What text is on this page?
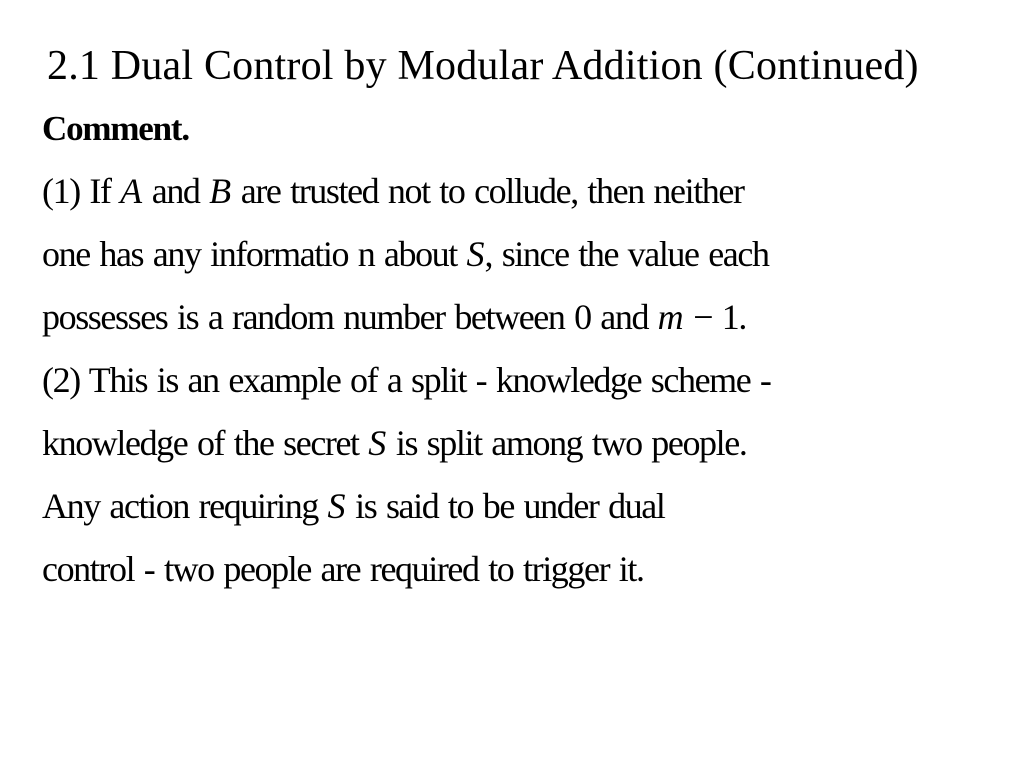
2.1 Dual Control by Modular Addition (Continued)
Comment.
(1) If A and B are trusted not to collude, then neither
one has any informatio n about S, since the value each
possesses is a random number between 0 and m − 1.
(2) This is an example of a split - knowledge scheme -
knowledge of the secret S is split among two people.
Any action requiring S is said to be under dual
control - two people are required to trigger it.
